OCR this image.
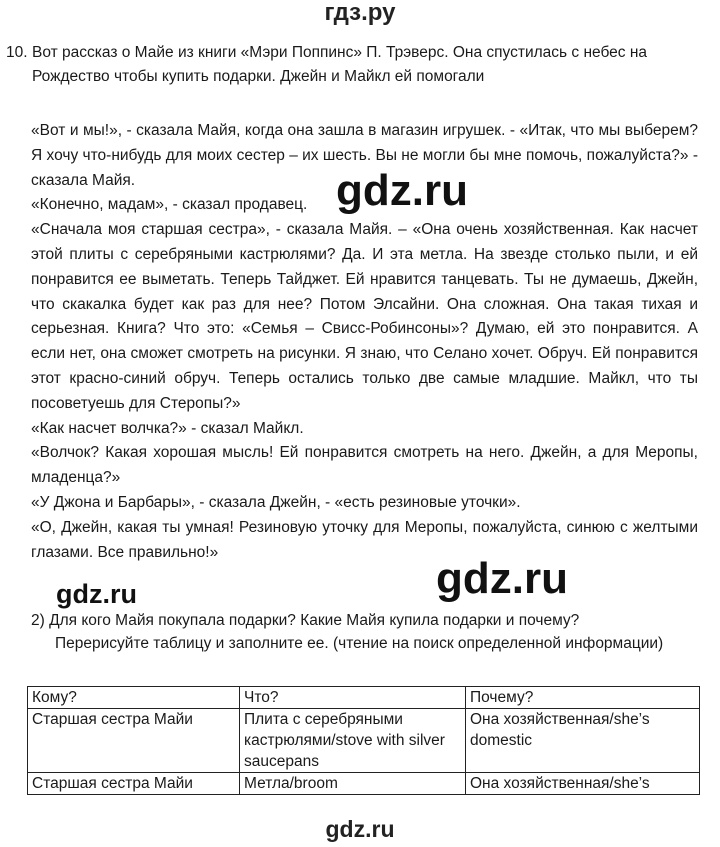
гдз.ру
10. Вот рассказ о Майе из книги «Мэри Поппинс» П. Трэверс. Она спустилась с небес на
Рождество чтобы купить подарки. Джейн и Майкл ей помогали

«Вот и мы!», - сказала Майя, когда она зашла в магазин игрушек. - «Итак, что мы выберем? Я хочу что-нибудь для моих сестер – их шесть. Вы не могли бы мне помочь, пожалуйста?» - сказала Майя.

«Конечно, мадам», - сказал продавец.

«Сначала моя старшая сестра», - сказала Майя. – «Она очень хозяйственная. Как насчет этой плиты с серебряными кастрюлями? Да. И эта метла. На звезде столько пыли, и ей понравится ее выметать. Теперь Тайджет. Ей нравится танцевать. Ты не думаешь, Джейн, что скакалка будет как раз для нее? Потом Элсайни. Она сложная. Она такая тихая и серьезная. Книга? Что это: «Семья – Свисс-Робинсоны»? Думаю, ей это понравится. А если нет, она сможет смотреть на рисунки. Я знаю, что Селано хочет. Обруч. Ей понравится этот красно-синий обруч. Теперь остались только две самые младшие. Майкл, что ты посоветуешь для Стеропы?»

«Как насчет волчка?» - сказал Майкл.

«Волчок? Какая хорошая мысль! Ей понравится смотреть на него. Джейн, а для Меропы, младенца?»

«У Джона и Барбары», - сказала Джейн, - «есть резиновые уточки».

«О, Джейн, какая ты умная! Резиновую уточку для Меропы, пожалуйста, синюю с желтыми глазами. Все правильно!»

2) Для кого Майя покупала подарки? Какие Майя купила подарки и почему?

Перерисуйте таблицу и заполните ее. (чтение на поиск определенной информации)

Кому?	Что?	Почему?
Старшая сестра Майи	Плита с серебряными кастрюлями/stove with silver saucepans	Она хозяйственная/she’s domestic
Старшая сестра Майи	Метла/broom	Она хозяйственная/she’s
gdz.ru
gdz.ru	gdz.ru
gdz.ru
